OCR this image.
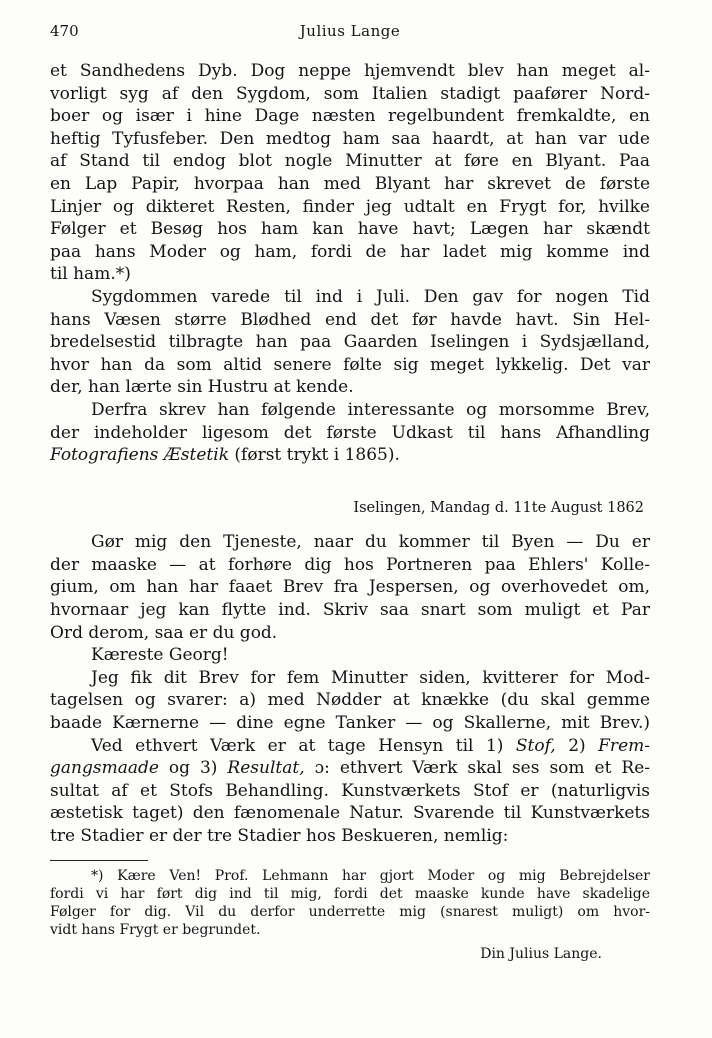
470	Julius Lange

et Sandhedens Dyb. Dog neppe hjemvendt blev han meget al-
vorligt syg af den Sygdom, som Italien stadigt paafører Nord-
boer og især i hine Dage næsten regelbundent fremkaldte, en
heftig Tyfusfeber. Den medtog ham saa haardt, at han var ude
af Stand til endog blot nogle Minutter at føre en Blyant. Paa
en Lap Papir, hvorpaa han med Blyant har skrevet de første
Linjer og dikteret Resten, finder jeg udtalt en Frygt for, hvilke
Følger et Besøg hos ham kan have havt; Lægen har skændt
paa hans Moder og ham, fordi de har ladet mig komme ind
til ham.*)

Sygdommen varede til ind i Juli. Den gav for nogen Tid
hans Væsen større Blødhed end det før havde havt. Sin Hel-
bredelsestid tilbragte han paa Gaarden Iselingen i Sydsjælland,
hvor han da som altid senere følte sig meget lykkelig. Det var
der, han lærte sin Hustru at kende.

Derfra skrev han følgende interessante og morsomme Brev,
der indeholder ligesom det første Udkast til hans Afhandling
Fotografiens Æstetik (først trykt i 1865).

Iselingen, Mandag d. 11te August 1862

Gør mig den Tjeneste, naar du kommer til Byen — Du er
der maaske — at forhøre dig hos Portneren paa Ehlers' Kolle-
gium, om han har faaet Brev fra Jespersen, og overhovedet om,
hvornaar jeg kan flytte ind. Skriv saa snart som muligt et Par
Ord derom, saa er du god.

Kæreste Georg!

Jeg fik dit Brev for fem Minutter siden, kvitterer for Mod-
tagelsen og svarer: a) med Nødder at knække (du skal gemme
baade Kærnerne — dine egne Tanker — og Skallerne, mit Brev.)

Ved ethvert Værk er at tage Hensyn til 1) Stof, 2) Frem-
gangsmaade og 3) Resultat, ɔ: ethvert Værk skal ses som et Re-
sultat af et Stofs Behandling. Kunstværkets Stof er (naturligvis
æstetisk taget) den fænomenale Natur. Svarende til Kunstværkets
tre Stadier er der tre Stadier hos Beskueren, nemlig:

*) Kære Ven! Prof. Lehmann har gjort Moder og mig Bebrejdelser
fordi vi har ført dig ind til mig, fordi det maaske kunde have skadelige
Følger for dig. Vil du derfor underrette mig (snarest muligt) om hvor-
vidt hans Frygt er begrundet.
Din Julius Lange.
